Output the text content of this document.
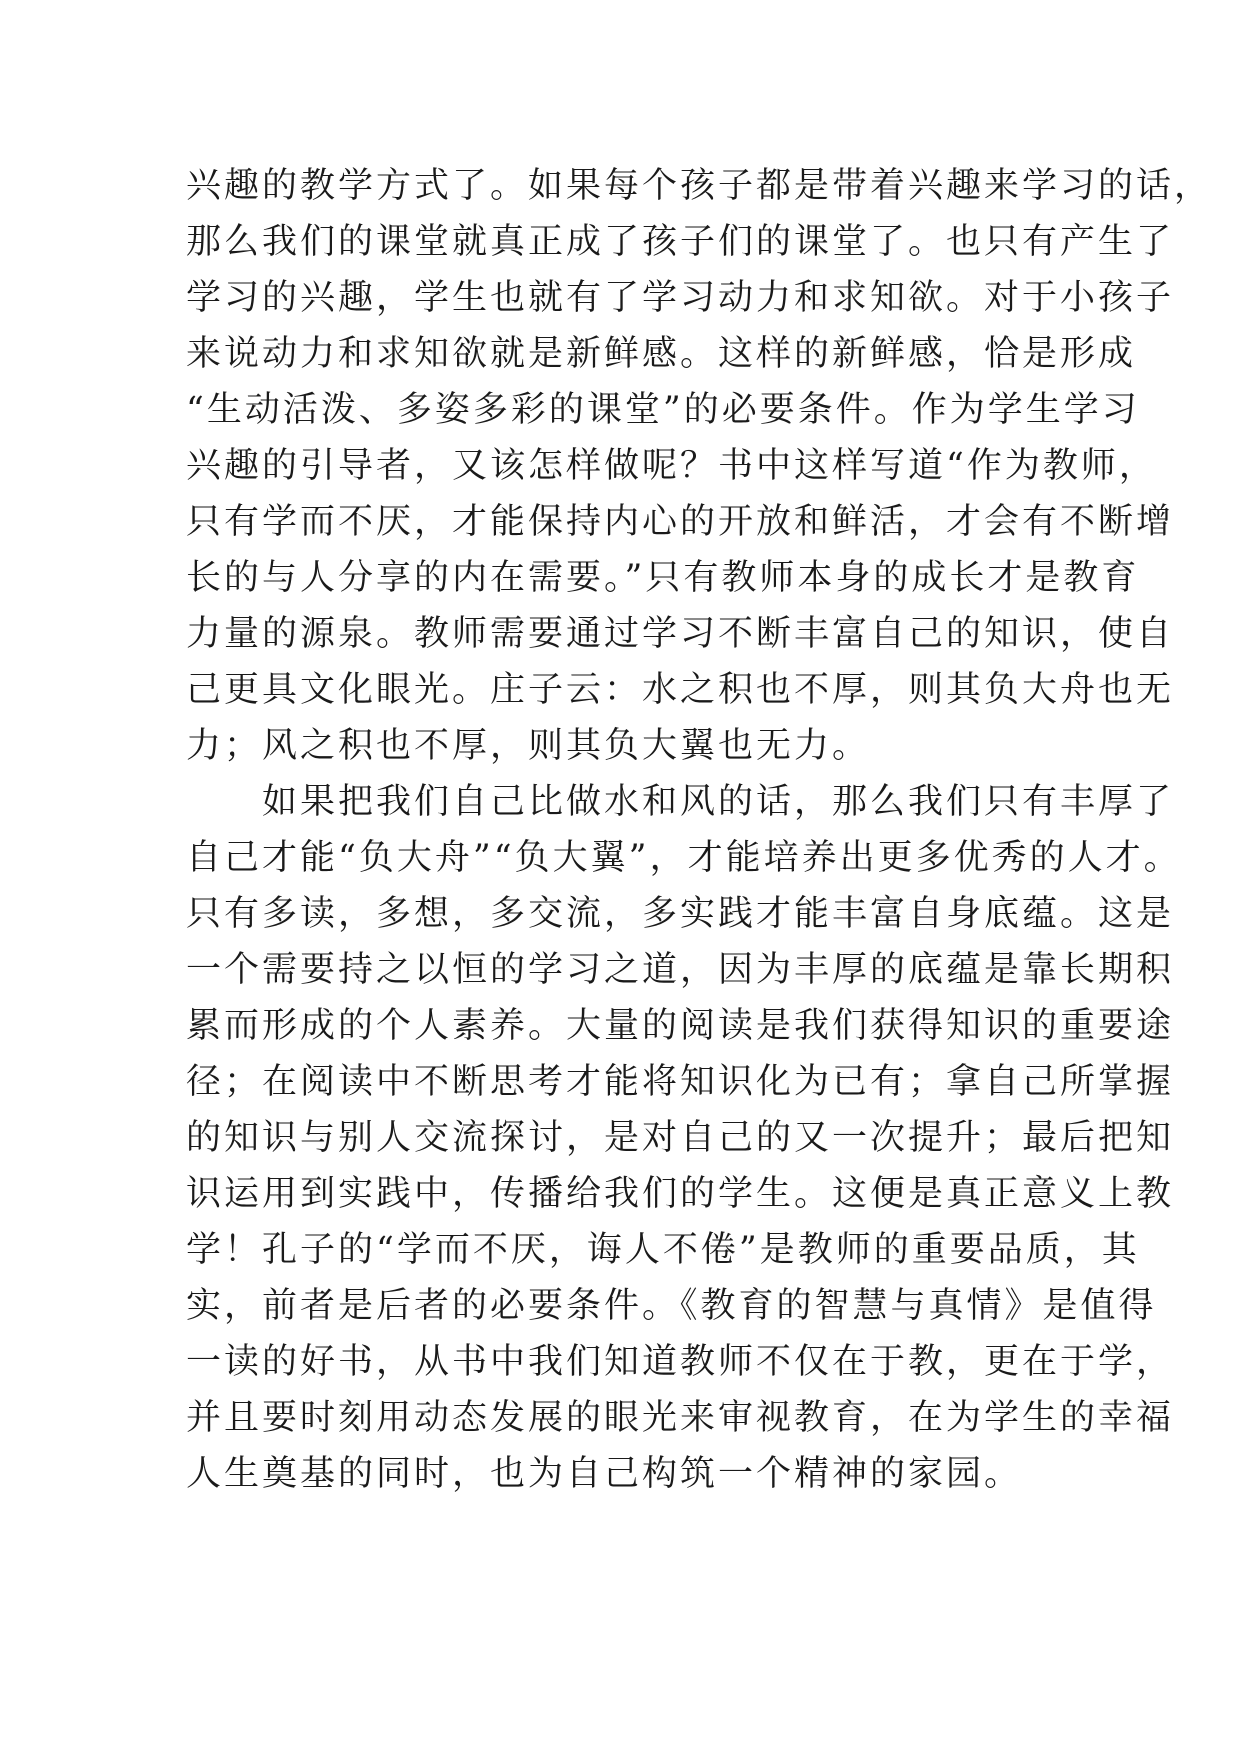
兴趣的教学方式了。如果每个孩子都是带着兴趣来学习的话，
那么我们的课堂就真正成了孩子们的课堂了。也只有产生了
学习的兴趣，学生也就有了学习动力和求知欲。对于小孩子
来说动力和求知欲就是新鲜感。这样的新鲜感，恰是形成
“生动活泼、多姿多彩的课堂”的必要条件。作为学生学习
兴趣的引导者，又该怎样做呢？书中这样写道“作为教师，
只有学而不厌，才能保持内心的开放和鲜活，才会有不断增
长的与人分享的内在需要。”只有教师本身的成长才是教育
力量的源泉。教师需要通过学习不断丰富自己的知识，使自
己更具文化眼光。庄子云：水之积也不厚，则其负大舟也无
力；风之积也不厚，则其负大翼也无力。
　如果把我们自己比做水和风的话，那么我们只有丰厚了
自己才能“负大舟”“负大翼”，才能培养出更多优秀的人才。
只有多读，多想，多交流，多实践才能丰富自身底蕴。这是
一个需要持之以恒的学习之道，因为丰厚的底蕴是靠长期积
累而形成的个人素养。大量的阅读是我们获得知识的重要途
径；在阅读中不断思考才能将知识化为已有；拿自己所掌握
的知识与别人交流探讨，是对自己的又一次提升；最后把知
识运用到实践中，传播给我们的学生。这便是真正意义上教
学！孔子的“学而不厌，诲人不倦”是教师的重要品质，其
实，前者是后者的必要条件。《教育的智慧与真情》是值得
一读的好书，从书中我们知道教师不仅在于教，更在于学，
并且要时刻用动态发展的眼光来审视教育，在为学生的幸福
人生奠基的同时，也为自己构筑一个精神的家园。
